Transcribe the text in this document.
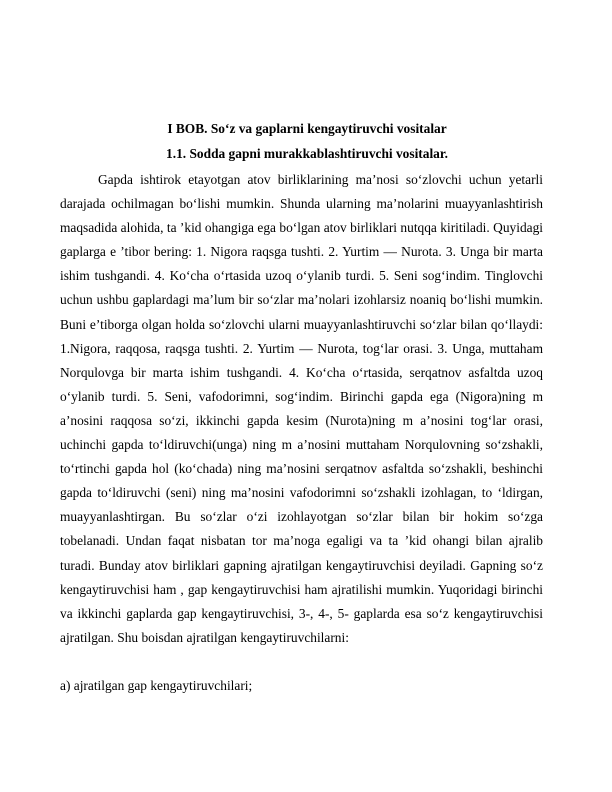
I BOB. So‘z va gaplarni kengaytiruvchi vositalar
1.1. Sodda gapni murakkablashtiruvchi vositalar.

Gapda ishtirok etayotgan atov birliklarining ma’nosi so‘zlovchi uchun yetarli darajada ochilmagan bo‘lishi mumkin. Shunda ularning ma’nolarini muayyanlashtirish maqsadida alohida, ta ’kid ohangiga ega bo‘lgan atov birliklari nutqqa kiritiladi. Quyidagi gaplarga e ’tibor bering: 1. Nigora raqsga tushti. 2. Yurtim — Nurota. 3. Unga bir marta ishim tushgandi. 4. Ko‘cha o‘rtasida uzoq o‘ylanib turdi. 5. Seni sog‘indim. Tinglovchi uchun ushbu gaplardagi ma’lum bir so‘zlar ma’nolari izohlarsiz noaniq bo‘lishi mumkin. Buni e’tiborga olgan holda so‘zlovchi ularni muayyanlashtiruvchi so‘zlar bilan qo‘llaydi: 1.Nigora, raqqosa, raqsga tushti. 2. Yurtim — Nurota, tog‘lar orasi. 3. Unga, muttaham Norqulovga bir marta ishim tushgandi. 4. Ko‘cha o‘rtasida, serqatnov asfaltda uzoq o‘ylanib turdi. 5. Seni, vafodorimni, sog‘indim. Birinchi gapda ega (Nigora)ning m a’nosini raqqosa so‘zi, ikkinchi gapda kesim (Nurota)ning m a’nosini tog‘lar orasi, uchinchi gapda to‘ldiruvchi(unga) ning m a’nosini muttaham Norqulovning so‘zshakli, to‘rtinchi gapda hol (ko‘chada) ning ma’nosini serqatnov asfaltda so‘zshakli, beshinchi gapda to‘ldiruvchi (seni) ning ma’nosini vafodorimni so‘zshakli izohlagan, to ‘ldirgan, muayyanlashtirgan. Bu so‘zlar o‘zi izohlayotgan so‘zlar bilan bir hokim so‘zga tobelanadi. Undan faqat nisbatan tor ma’noga egaligi va ta ’kid ohangi bilan ajralib turadi. Bunday atov birliklari gapning ajratilgan kengaytiruvchisi deyiladi. Gapning so‘z kengaytiruvchisi ham , gap kengaytiruvchisi ham ajratilishi mumkin. Yuqoridagi birinchi va ikkinchi gaplarda gap kengaytiruvchisi, 3-, 4-, 5- gaplarda esa so‘z kengaytiruvchisi ajratilgan. Shu boisdan ajratilgan kengaytiruvchilarni:

a) ajratilgan gap kengaytiruvchilari;
